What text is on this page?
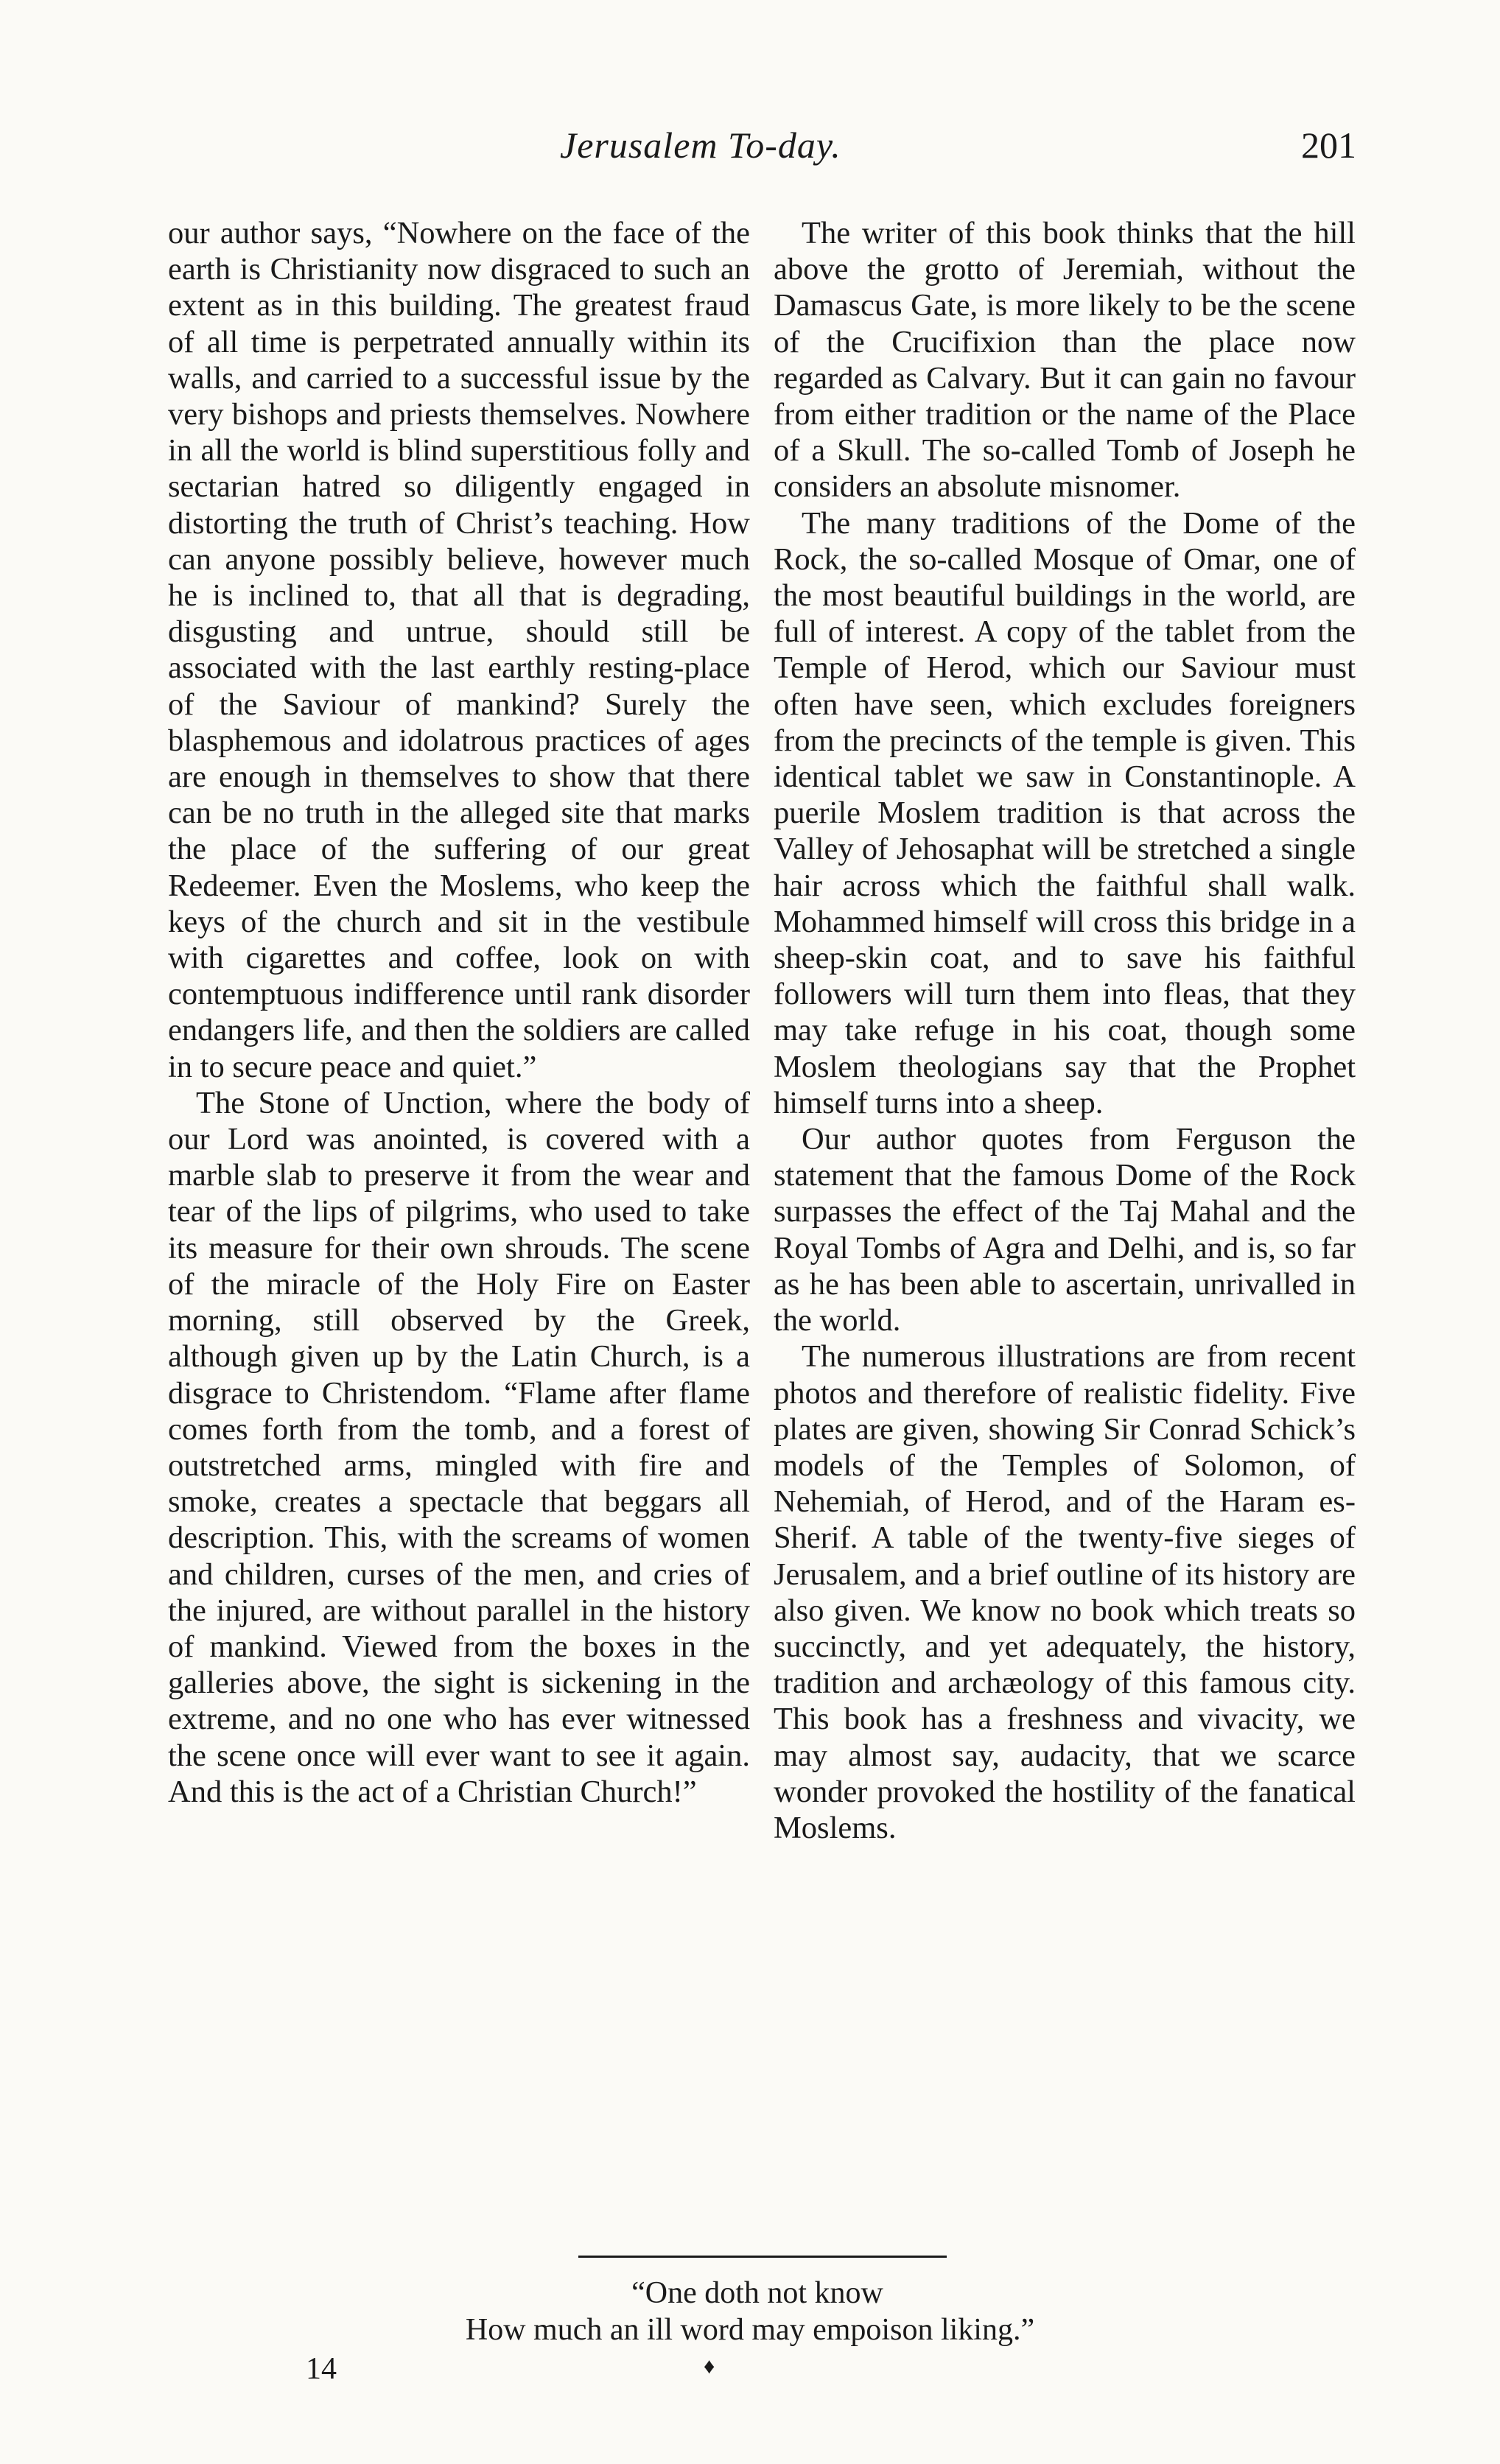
Jerusalem To-day.	201

our author says, “Nowhere on the face of the earth is Christianity now disgraced to such an extent as in this building. The greatest fraud of all time is perpetrated annually within its walls, and carried to a successful issue by the very bishops and priests themselves. Nowhere in all the world is blind superstitious folly and sectarian hatred so diligently engaged in distorting the truth of Christ’s teaching. How can anyone possibly believe, however much he is inclined to, that all that is degrading, disgusting and untrue, should still be associated with the last earthly resting-place of the Saviour of mankind? Surely the blasphemous and idolatrous practices of ages are enough in themselves to show that there can be no truth in the alleged site that marks the place of the suffering of our great Redeemer. Even the Moslems, who keep the keys of the church and sit in the vestibule with cigarettes and coffee, look on with contemptuous indifference until rank disorder endangers life, and then the soldiers are called in to secure peace and quiet.”

The Stone of Unction, where the body of our Lord was anointed, is covered with a marble slab to preserve it from the wear and tear of the lips of pilgrims, who used to take its measure for their own shrouds. The scene of the miracle of the Holy Fire on Easter morning, still observed by the Greek, although given up by the Latin Church, is a disgrace to Christendom. “Flame after flame comes forth from the tomb, and a forest of outstretched arms, mingled with fire and smoke, creates a spectacle that beggars all description. This, with the screams of women and children, curses of the men, and cries of the injured, are without parallel in the history of mankind. Viewed from the boxes in the galleries above, the sight is sickening in the extreme, and no one who has ever witnessed the scene once will ever want to see it again. And this is the act of a Christian Church!”

The writer of this book thinks that the hill above the grotto of Jeremiah, without the Damascus Gate, is more likely to be the scene of the Crucifixion than the place now regarded as Calvary. But it can gain no favour from either tradition or the name of the Place of a Skull. The so-called Tomb of Joseph he considers an absolute misnomer.

The many traditions of the Dome of the Rock, the so-called Mosque of Omar, one of the most beautiful buildings in the world, are full of interest. A copy of the tablet from the Temple of Herod, which our Saviour must often have seen, which excludes foreigners from the precincts of the temple is given. This identical tablet we saw in Constantinople. A puerile Moslem tradition is that across the Valley of Jehosaphat will be stretched a single hair across which the faithful shall walk. Mohammed himself will cross this bridge in a sheep-skin coat, and to save his faithful followers will turn them into fleas, that they may take refuge in his coat, though some Moslem theologians say that the Prophet himself turns into a sheep.

Our author quotes from Ferguson the statement that the famous Dome of the Rock surpasses the effect of the Taj Mahal and the Royal Tombs of Agra and Delhi, and is, so far as he has been able to ascertain, unrivalled in the world.

The numerous illustrations are from recent photos and therefore of realistic fidelity. Five plates are given, showing Sir Conrad Schick’s models of the Temples of Solomon, of Nehemiah, of Herod, and of the Haram es-Sherif. A table of the twenty-five sieges of Jerusalem, and a brief outline of its history are also given. We know no book which treats so succinctly, and yet adequately, the history, tradition and archæology of this famous city. This book has a freshness and vivacity, we may almost say, audacity, that we scarce wonder provoked the hostility of the fanatical Moslems.

“One doth not know
How much an ill word may empoison liking.”
14	♦
